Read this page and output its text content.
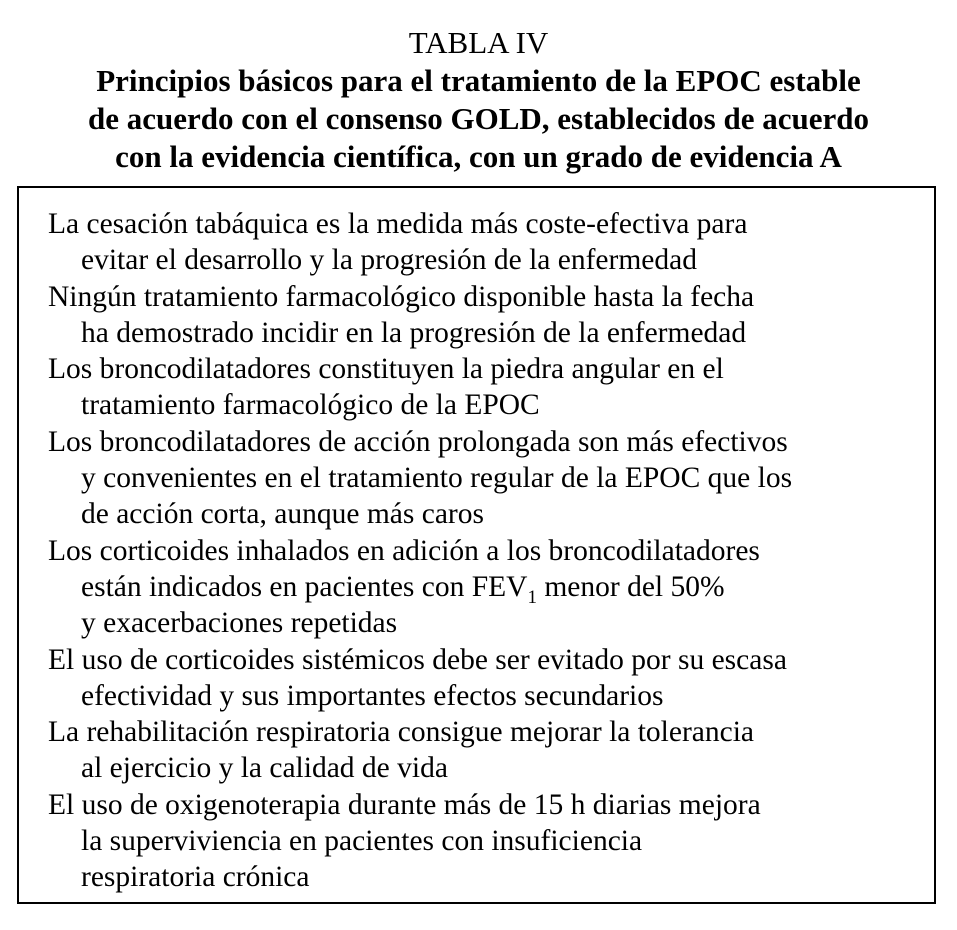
TABLA IV
Principios básicos para el tratamiento de la EPOC estable
de acuerdo con el consenso GOLD, establecidos de acuerdo
con la evidencia científica, con un grado de evidencia A
La cesación tabáquica es la medida más coste-efectiva para
evitar el desarrollo y la progresión de la enfermedad
Ningún tratamiento farmacológico disponible hasta la fecha
ha demostrado incidir en la progresión de la enfermedad
Los broncodilatadores constituyen la piedra angular en el
tratamiento farmacológico de la EPOC
Los broncodilatadores de acción prolongada son más efectivos
y convenientes en el tratamiento regular de la EPOC que los
de acción corta, aunque más caros
Los corticoides inhalados en adición a los broncodilatadores
están indicados en pacientes con $FEV_1$ menor del 50%
y exacerbaciones repetidas
El uso de corticoides sistémicos debe ser evitado por su escasa
efectividad y sus importantes efectos secundarios
La rehabilitación respiratoria consigue mejorar la tolerancia
al ejercicio y la calidad de vida
El uso de oxigenoterapia durante más de 15 h diarias mejora
la superviviencia en pacientes con insuficiencia
respiratoria crónica
